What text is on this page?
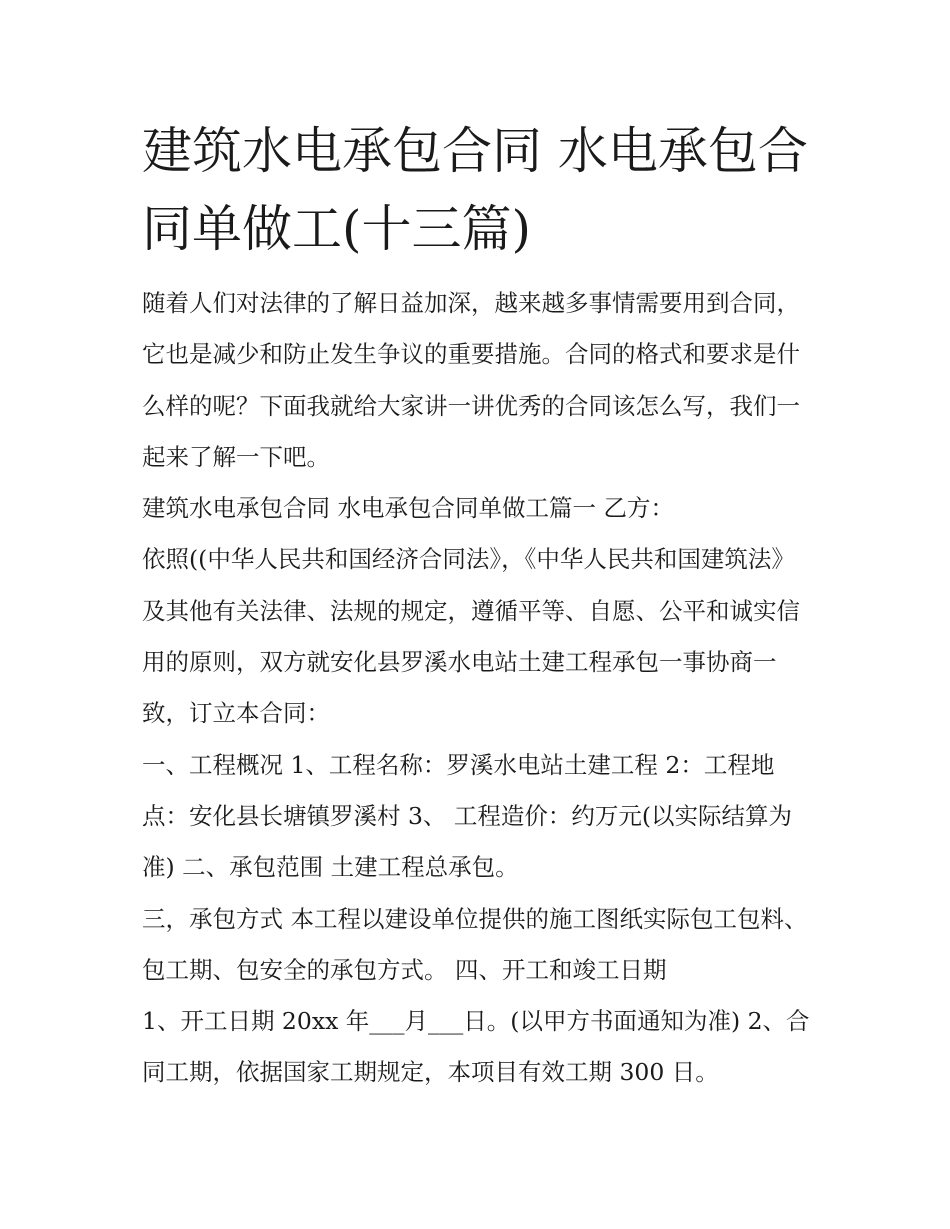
建筑水电承包合同 水电承包合同单做工(十三篇)

随着人们对法律的了解日益加深，越来越多事情需要用到合同，它也是减少和防止发生争议的重要措施。合同的格式和要求是什么样的呢？下面我就给大家讲一讲优秀的合同该怎么写，我们一起来了解一下吧。

建筑水电承包合同 水电承包合同单做工篇一 乙方：

依照((中华人民共和国经济合同法》，《中华人民共和国建筑法》及其他有关法律、法规的规定，遵循平等、自愿、公平和诚实信用的原则，双方就安化县罗溪水电站土建工程承包一事协商一致，订立本合同：

一、工程概况 1、工程名称：罗溪水电站土建工程 2：工程地点：安化县长塘镇罗溪村 3、 工程造价：约万元(以实际结算为准) 二、承包范围 土建工程总承包。

三，承包方式 本工程以建设单位提供的施工图纸实际包工包料、包工期、包安全的承包方式。 四、开工和竣工日期

1、开工日期 20xx 年___月___日。(以甲方书面通知为准) 2、合同工期，依据国家工期规定，本项目有效工期 300 日。
